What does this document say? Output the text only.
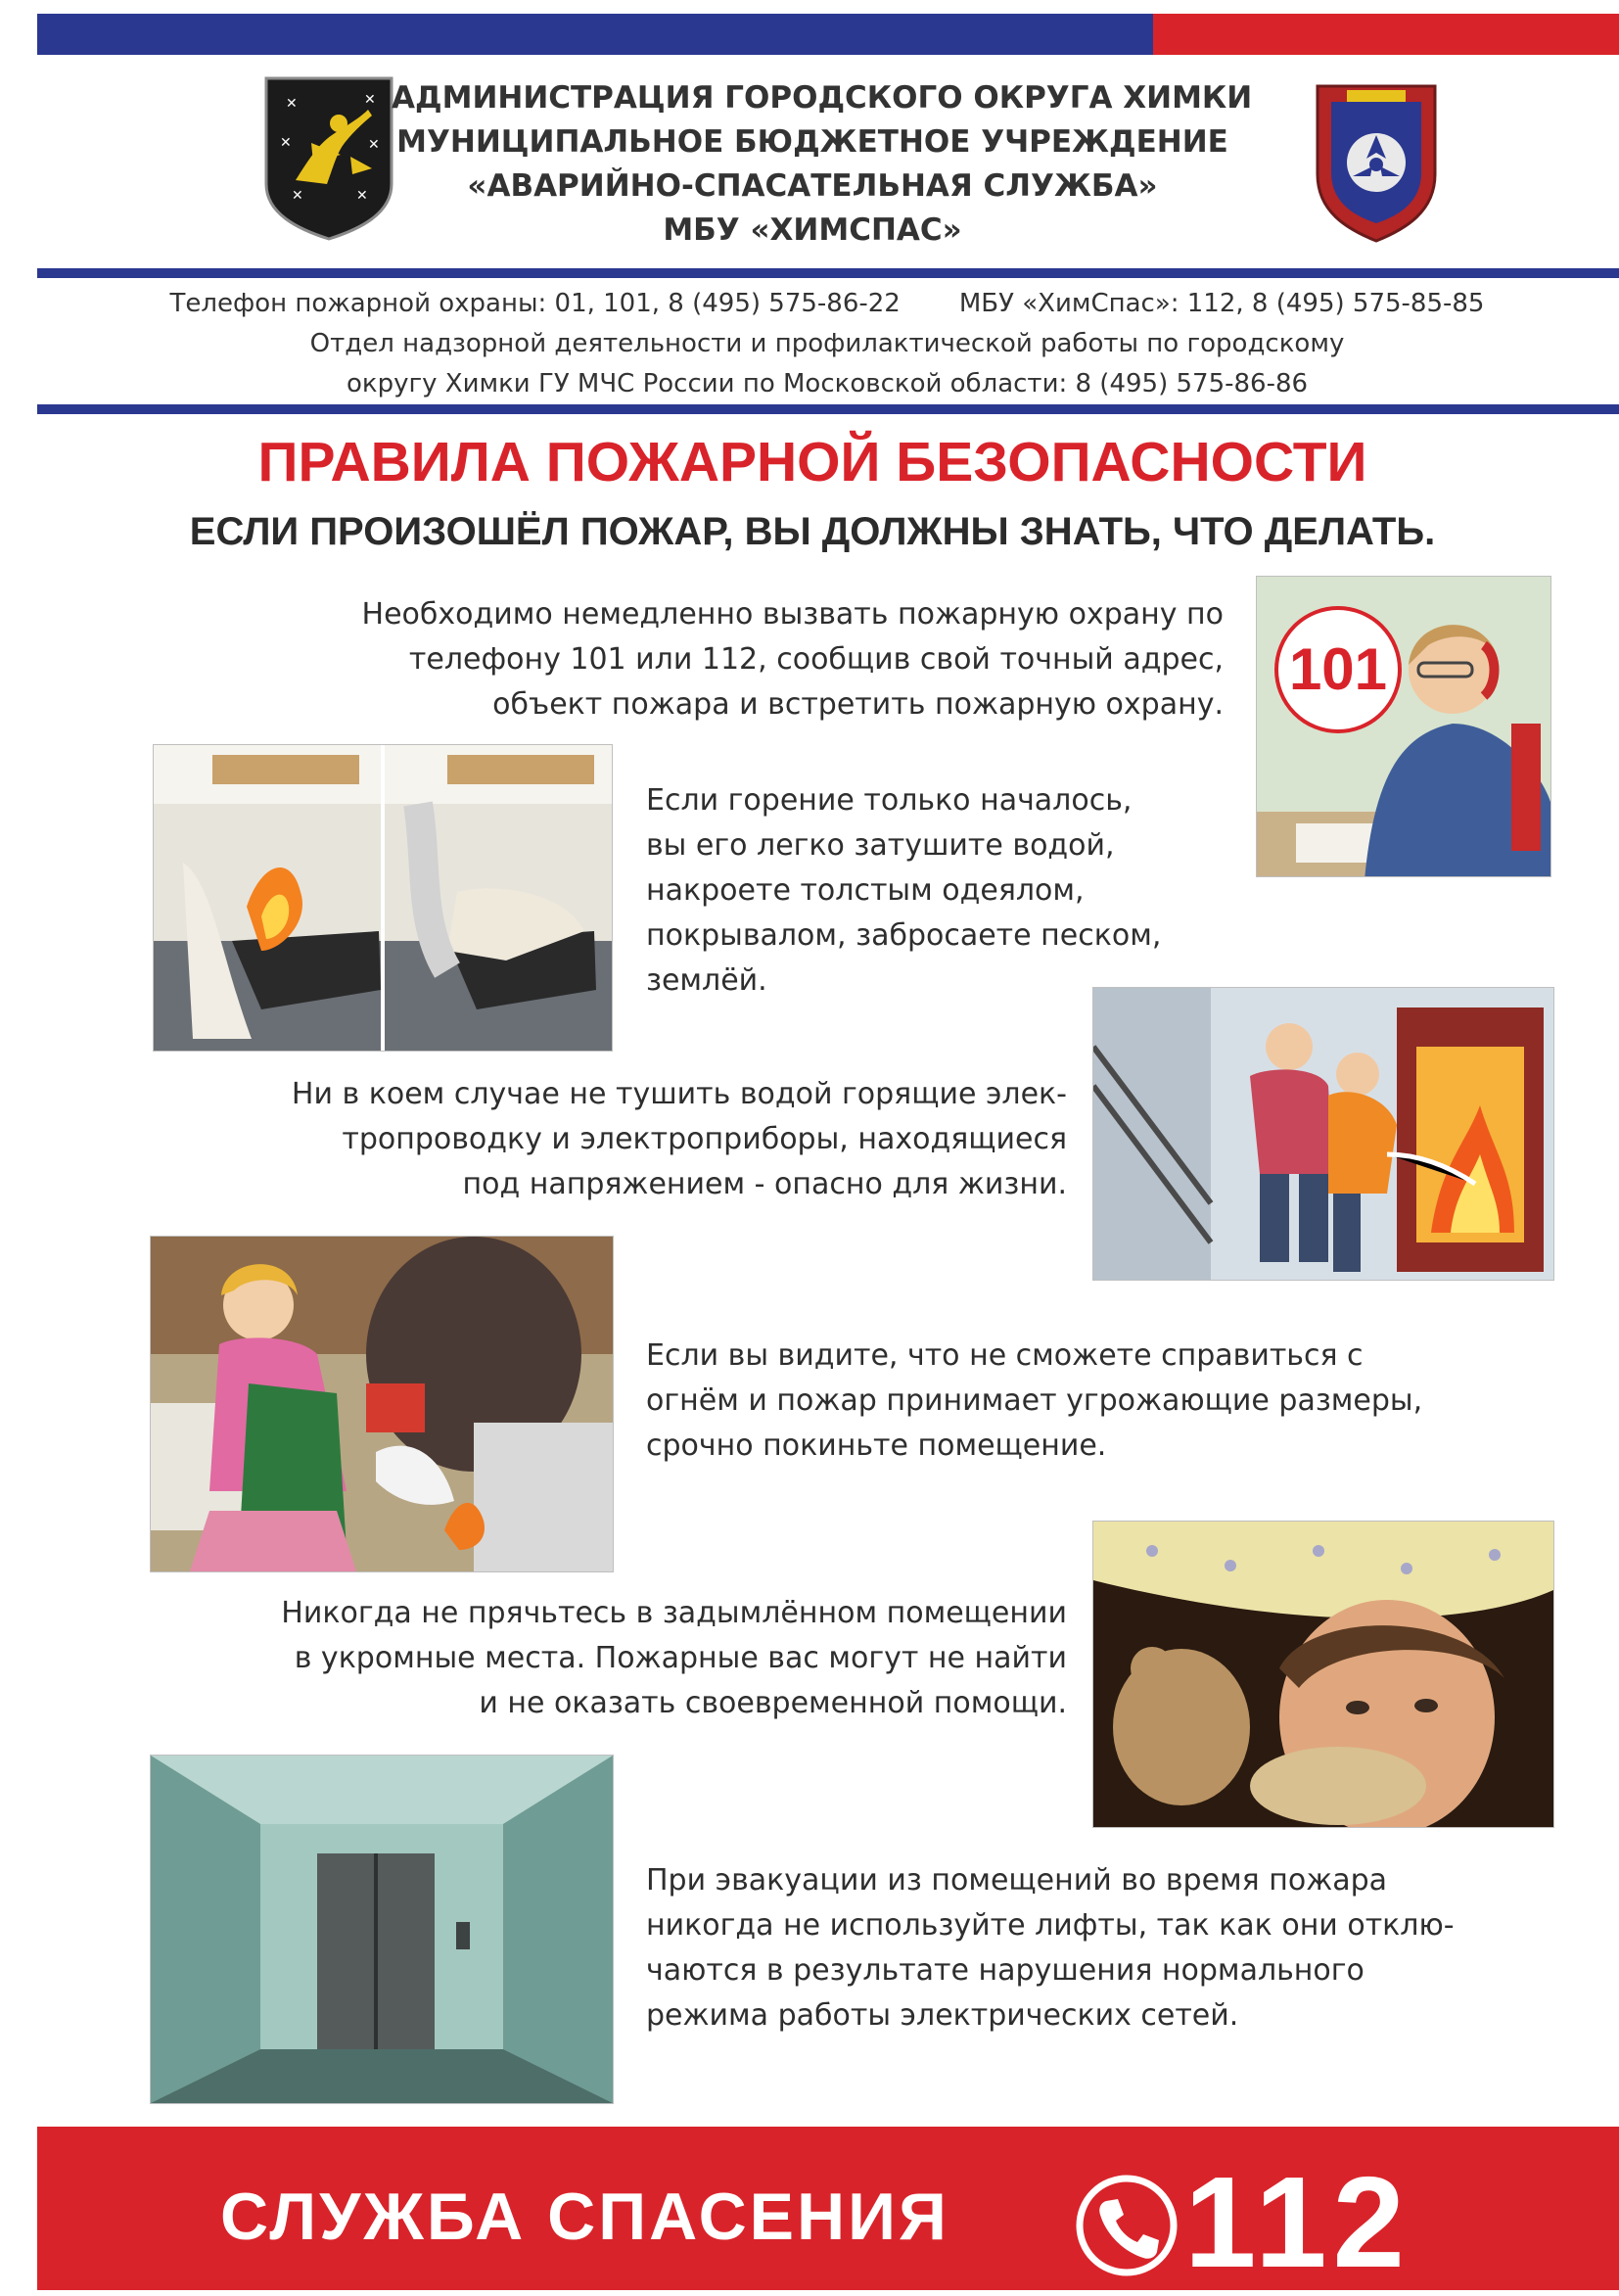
✕	✕
✕	✕
✕	✕
АДМИНИСТРАЦИЯ ГОРОДСКОГО ОКРУГА ХИМКИ
МУНИЦИПАЛЬНОЕ БЮДЖЕТНОЕ УЧРЕЖДЕНИЕ
«АВАРИЙНО-СПАСАТЕЛЬНАЯ СЛУЖБА»
МБУ «ХИМСПАС»
Телефон пожарной охраны: 01, 101, 8 (495) 575-86-22 МБУ «ХимСпас»: 112, 8 (495) 575-85-85
Отдел надзорной деятельности и профилактической работы по городскому
округу Химки ГУ МЧС России по Московской области: 8 (495) 575-86-86
ПРАВИЛА ПОЖАРНОЙ БЕЗОПАСНОСТИ
ЕСЛИ ПРОИЗОШЁЛ ПОЖАР, ВЫ ДОЛЖНЫ ЗНАТЬ, ЧТО ДЕЛАТЬ.
Необходимо немедленно вызвать пожарную охрану по
телефону 101 или 112, сообщив свой точный адрес,
объект пожара и встретить пожарную охрану.
101
Если горение только началось,
вы его легко затушите водой,
накроете толстым одеялом,
покрывалом, забросаете песком,
землёй.
Ни в коем случае не тушить водой горящие элек-
тропроводку и электроприборы, находящиеся
под напряжением - опасно для жизни.
Если вы видите, что не сможете справиться с
огнём и пожар принимает угрожающие размеры,
срочно покиньте помещение.
Никогда не прячьтесь в задымлённом помещении
в укромные места. Пожарные вас могут не найти
и не оказать своевременной помощи.
При эвакуации из помещений во время пожара
никогда не используйте лифты, так как они отклю-
чаются в результате нарушения нормального
режима работы электрических сетей.
СЛУЖБА СПАСЕНИЯ	112
